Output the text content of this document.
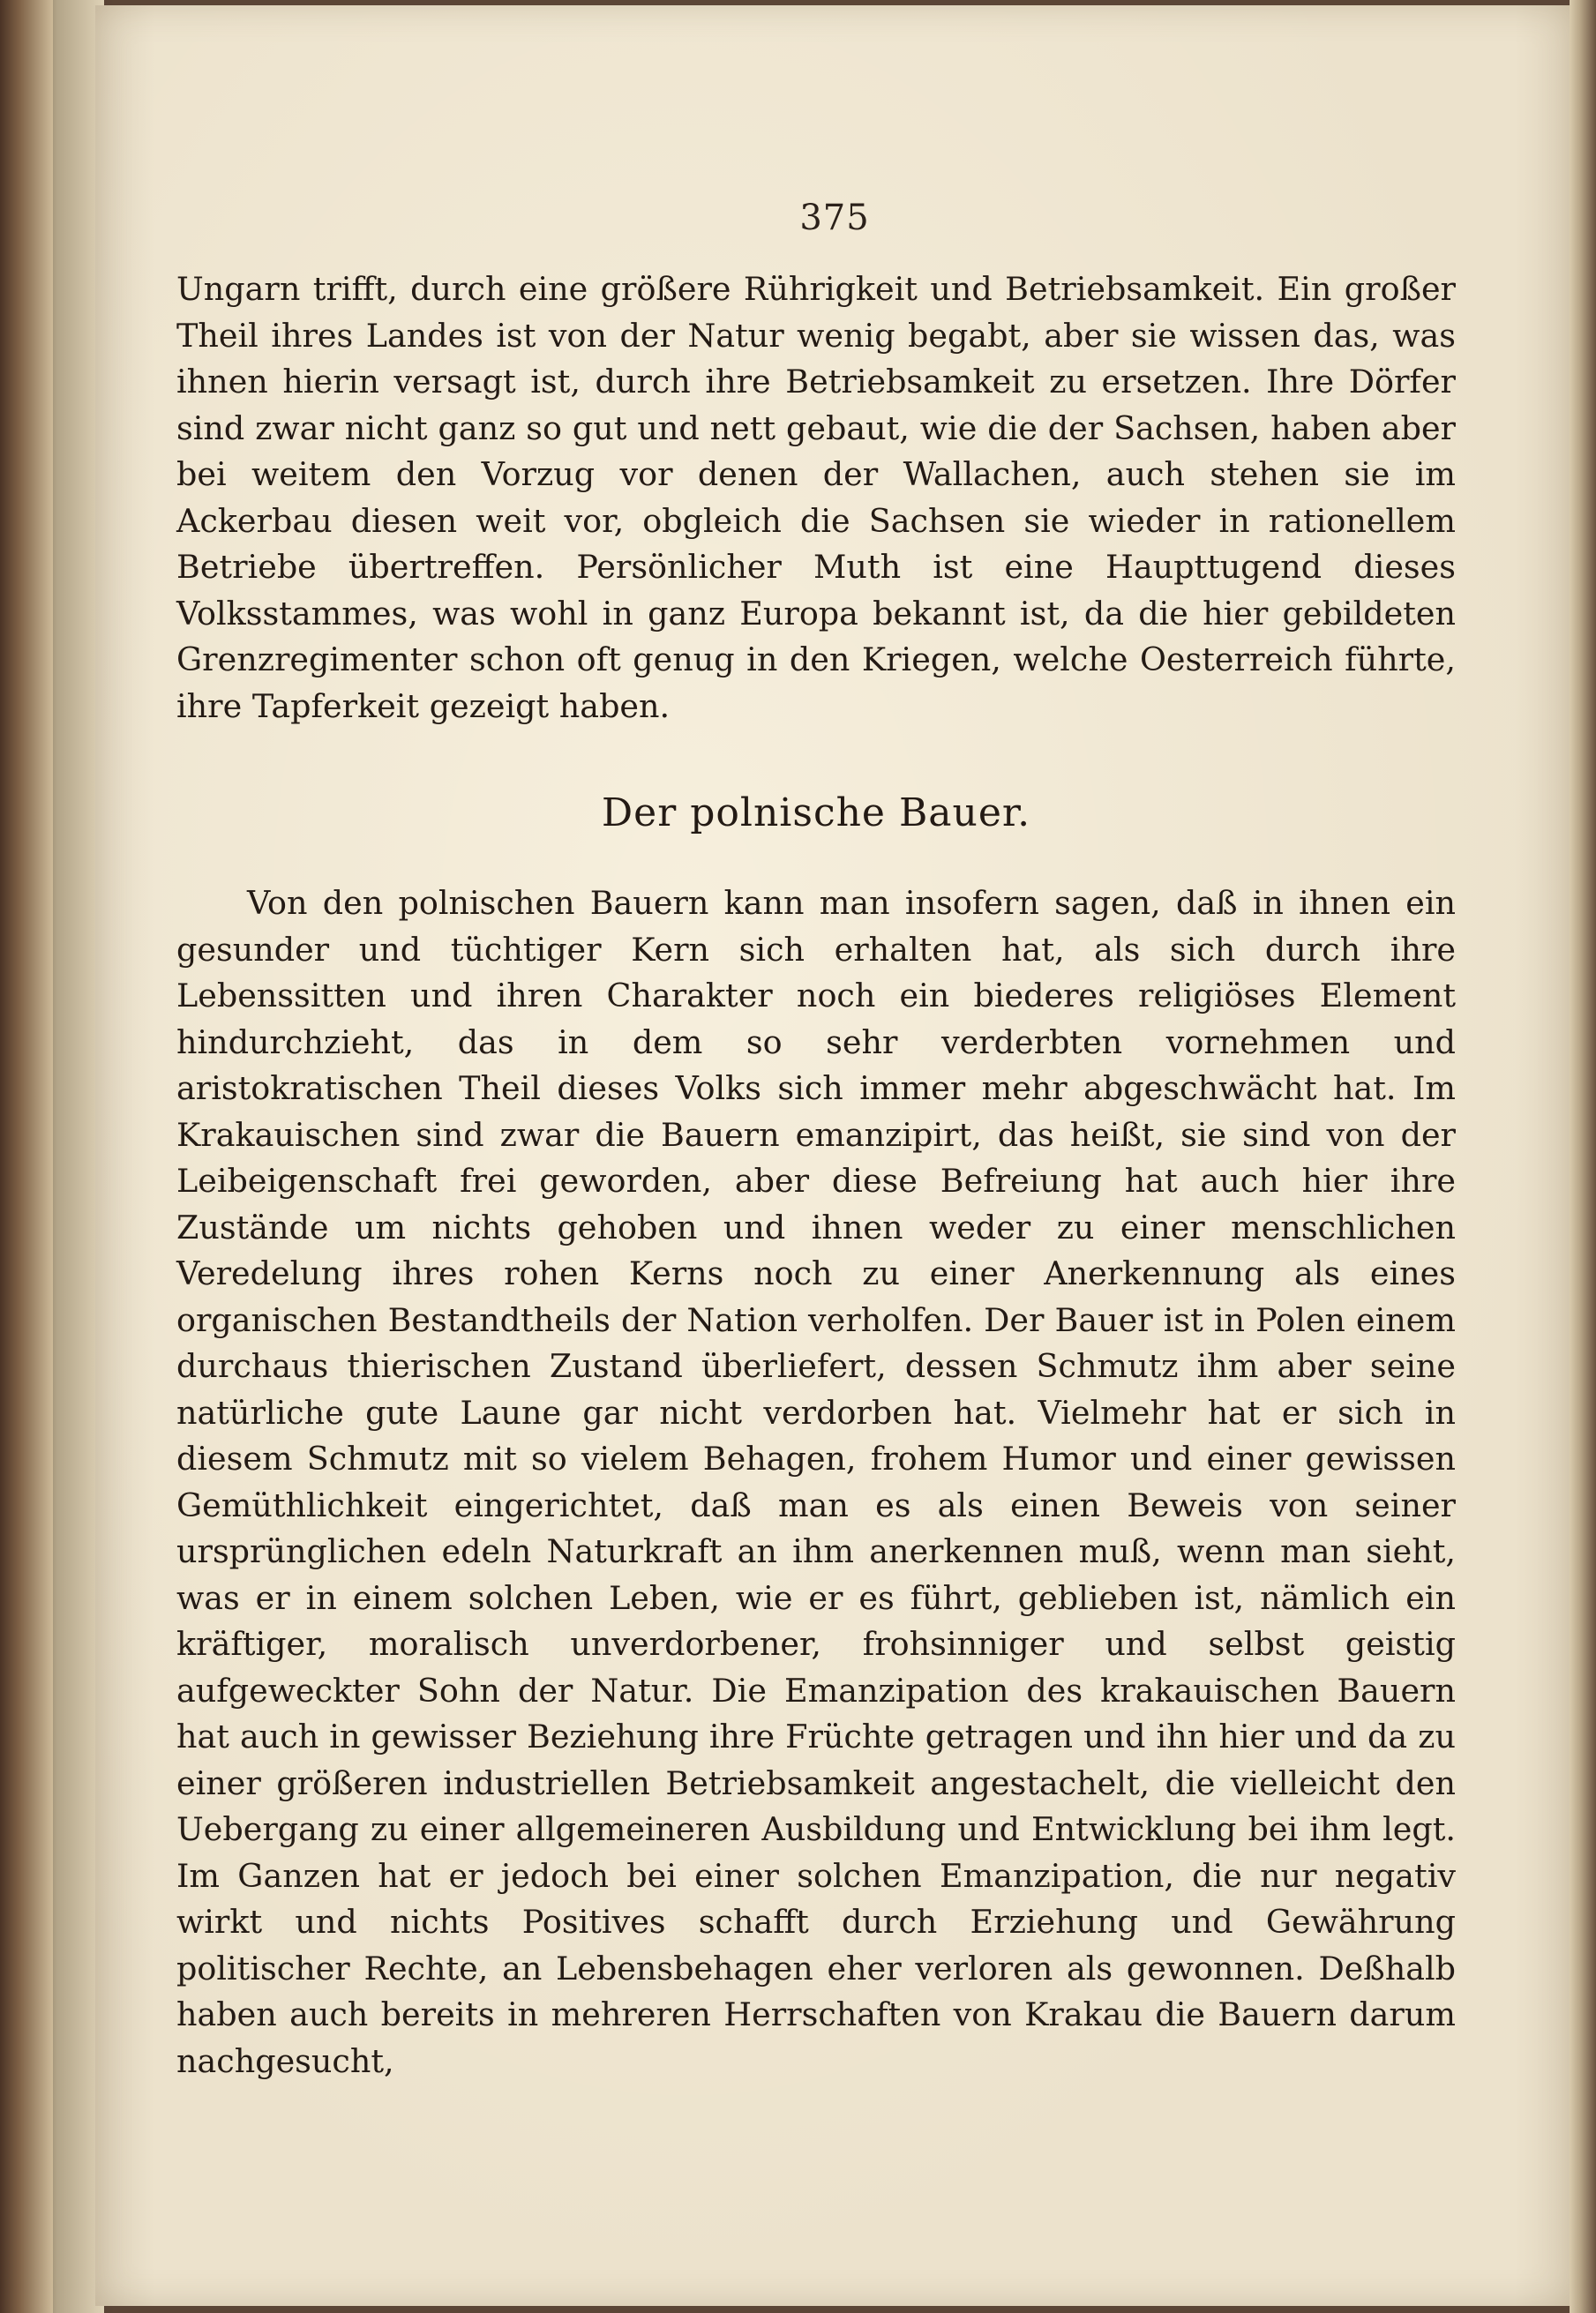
375

Ungarn trifft, durch eine größere Rührigkeit und Betriebsamkeit. Ein großer Theil ihres Landes ist von der Natur wenig begabt, aber sie wissen das, was ihnen hierin versagt ist, durch ihre Betriebsamkeit zu ersetzen. Ihre Dörfer sind zwar nicht ganz so gut und nett gebaut, wie die der Sachsen, haben aber bei weitem den Vorzug vor denen der Wallachen, auch stehen sie im Ackerbau diesen weit vor, obgleich die Sachsen sie wieder in rationellem Betriebe übertreffen. Persönlicher Muth ist eine Haupttugend dieses Volksstammes, was wohl in ganz Europa bekannt ist, da die hier gebildeten Grenzregimenter schon oft genug in den Kriegen, welche Oesterreich führte, ihre Tapferkeit gezeigt haben.

Der polnische Bauer.

Von den polnischen Bauern kann man insofern sagen, daß in ihnen ein gesunder und tüchtiger Kern sich erhalten hat, als sich durch ihre Lebenssitten und ihren Charakter noch ein biederes religiöses Element hindurchzieht, das in dem so sehr verderbten vornehmen und aristokratischen Theil dieses Volks sich immer mehr abgeschwächt hat. Im Krakauischen sind zwar die Bauern emanzipirt, das heißt, sie sind von der Leibeigenschaft frei geworden, aber diese Befreiung hat auch hier ihre Zustände um nichts gehoben und ihnen weder zu einer menschlichen Veredelung ihres rohen Kerns noch zu einer Anerkennung als eines organischen Bestandtheils der Nation verholfen. Der Bauer ist in Polen einem durchaus thierischen Zustand überliefert, dessen Schmutz ihm aber seine natürliche gute Laune gar nicht verdorben hat. Vielmehr hat er sich in diesem Schmutz mit so vielem Behagen, frohem Humor und einer gewissen Gemüthlichkeit eingerichtet, daß man es als einen Beweis von seiner ursprünglichen edeln Naturkraft an ihm anerkennen muß, wenn man sieht, was er in einem solchen Leben, wie er es führt, geblieben ist, nämlich ein kräftiger, moralisch unverdorbener, frohsinniger und selbst geistig aufgeweckter Sohn der Natur. Die Emanzipation des krakauischen Bauern hat auch in gewisser Beziehung ihre Früchte getragen und ihn hier und da zu einer größeren industriellen Betriebsamkeit angestachelt, die vielleicht den Uebergang zu einer allgemeineren Ausbildung und Entwicklung bei ihm legt. Im Ganzen hat er jedoch bei einer solchen Emanzipation, die nur negativ wirkt und nichts Positives schafft durch Erziehung und Gewährung politischer Rechte, an Lebensbehagen eher verloren als gewonnen. Deßhalb haben auch bereits in mehreren Herrschaften von Krakau die Bauern darum nachgesucht,
